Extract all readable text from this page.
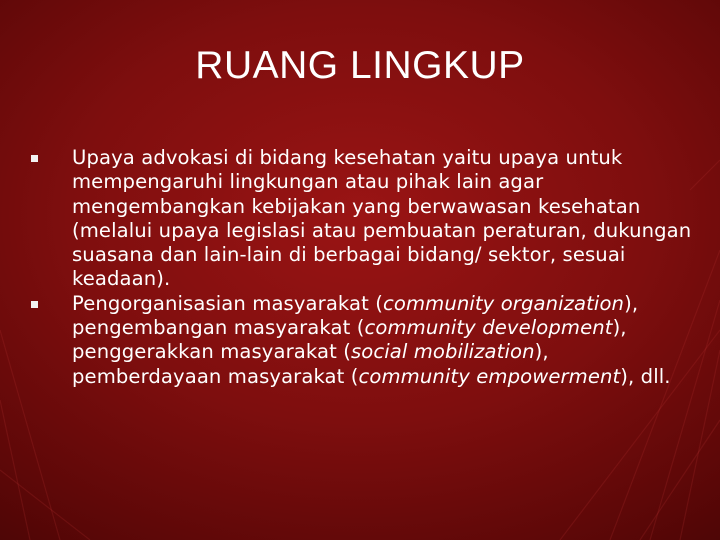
RUANG LINGKUP
Upaya advokasi di bidang kesehatan yaitu upaya untuk mempengaruhi lingkungan atau pihak lain agar mengembangkan kebijakan yang berwawasan kesehatan (melalui upaya legislasi atau pembuatan peraturan, dukungan suasana dan lain-lain di berbagai bidang/ sektor, sesuai keadaan).
Pengorganisasian masyarakat (community organization), pengembangan masyarakat (community development), penggerakkan masyarakat (social mobilization), pemberdayaan masyarakat (community empowerment), dll.
